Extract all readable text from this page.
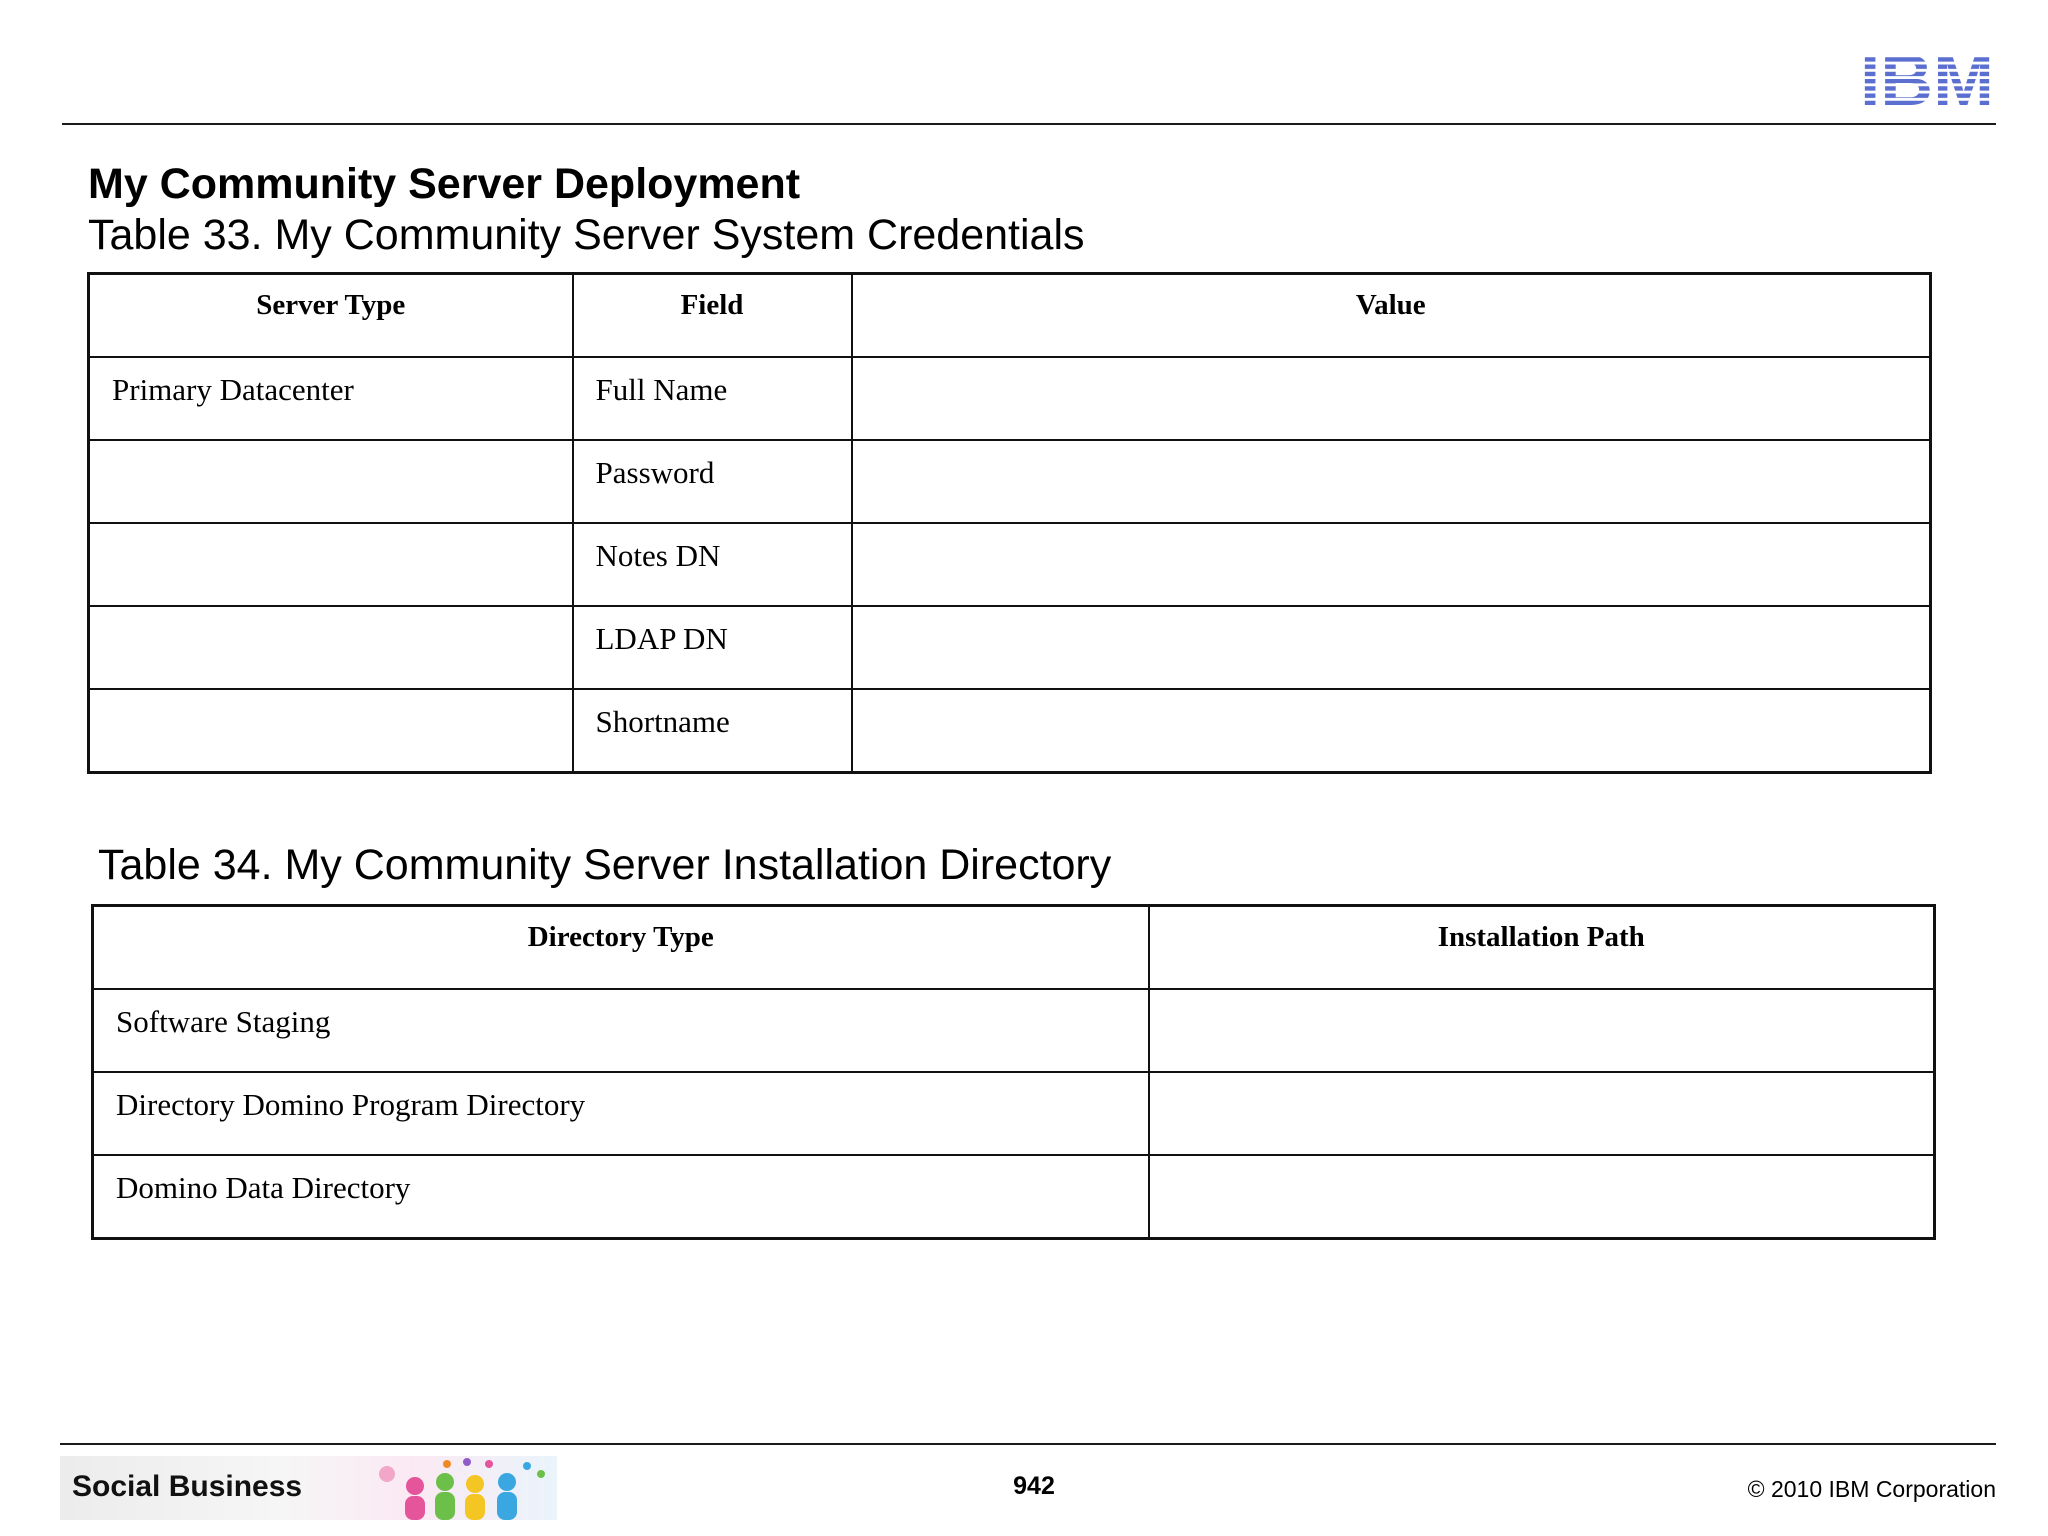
My Community Server Deployment
Table 33. My Community Server System Credentials
Server Type	Field	Value
Primary Datacenter	Full Name	
	Password	
	Notes DN	
	LDAP DN	
	Shortname	
Table 34. My Community Server Installation Directory
Directory Type	Installation Path
Software Staging	
Directory Domino Program Directory	
Domino Data Directory	
Social Business	942	© 2010 IBM Corporation
